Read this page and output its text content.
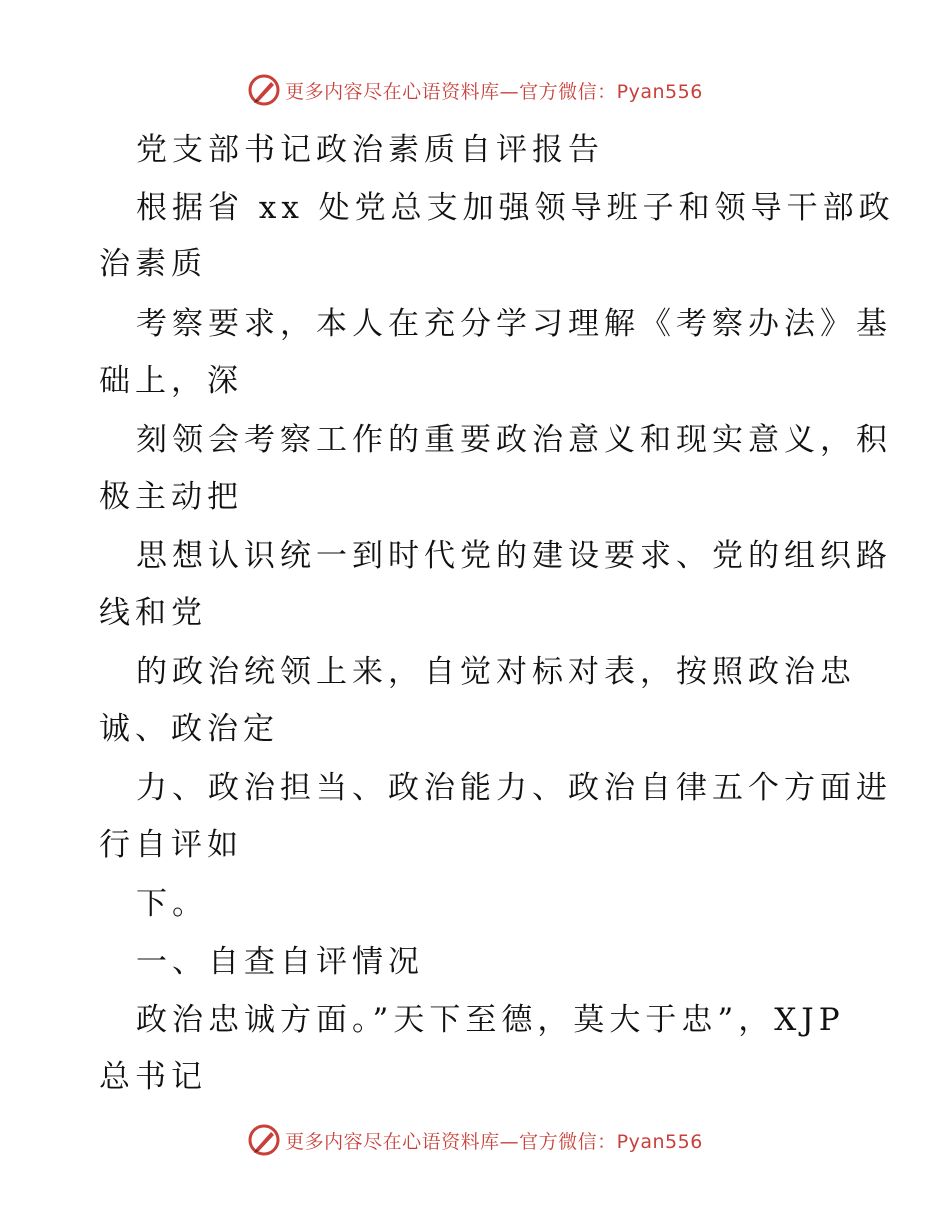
更多内容尽在心语资料库—官方微信：Pyan556
党支部书记政治素质自评报告
根据省 xx 处党总支加强领导班子和领导干部政
治素质
考察要求，本人在充分学习理解《考察办法》基
础上，深
刻领会考察工作的重要政治意义和现实意义，积
极主动把
思想认识统一到时代党的建设要求、党的组织路
线和党
的政治统领上来，自觉对标对表，按照政治忠
诚、政治定
力、政治担当、政治能力、政治自律五个方面进
行自评如
下。
一、自查自评情况
政治忠诚方面。”天下至德，莫大于忠”，XJP
总书记
更多内容尽在心语资料库—官方微信：Pyan556
